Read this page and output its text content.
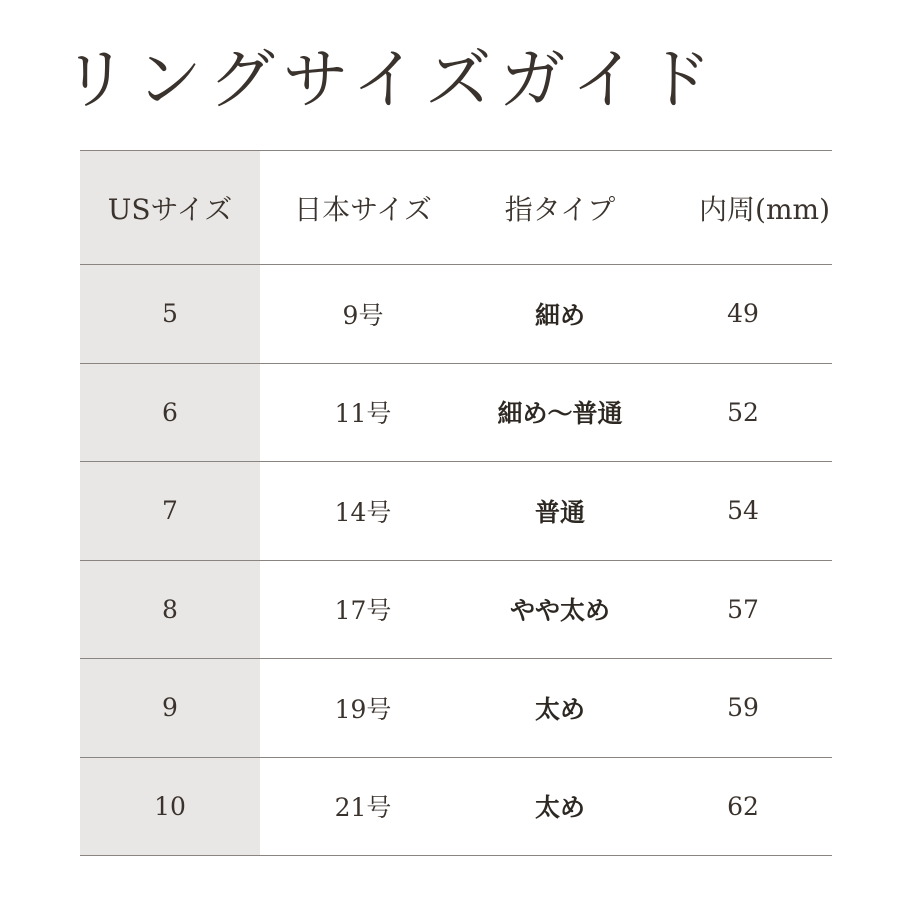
リングサイズガイド
USサイズ	日本サイズ	指タイプ	内周(mm)
5	9号	細め	49
6	11号	細め〜普通	52
7	14号	普通	54
8	17号	やや太め	57
9	19号	太め	59
10	21号	太め	62
